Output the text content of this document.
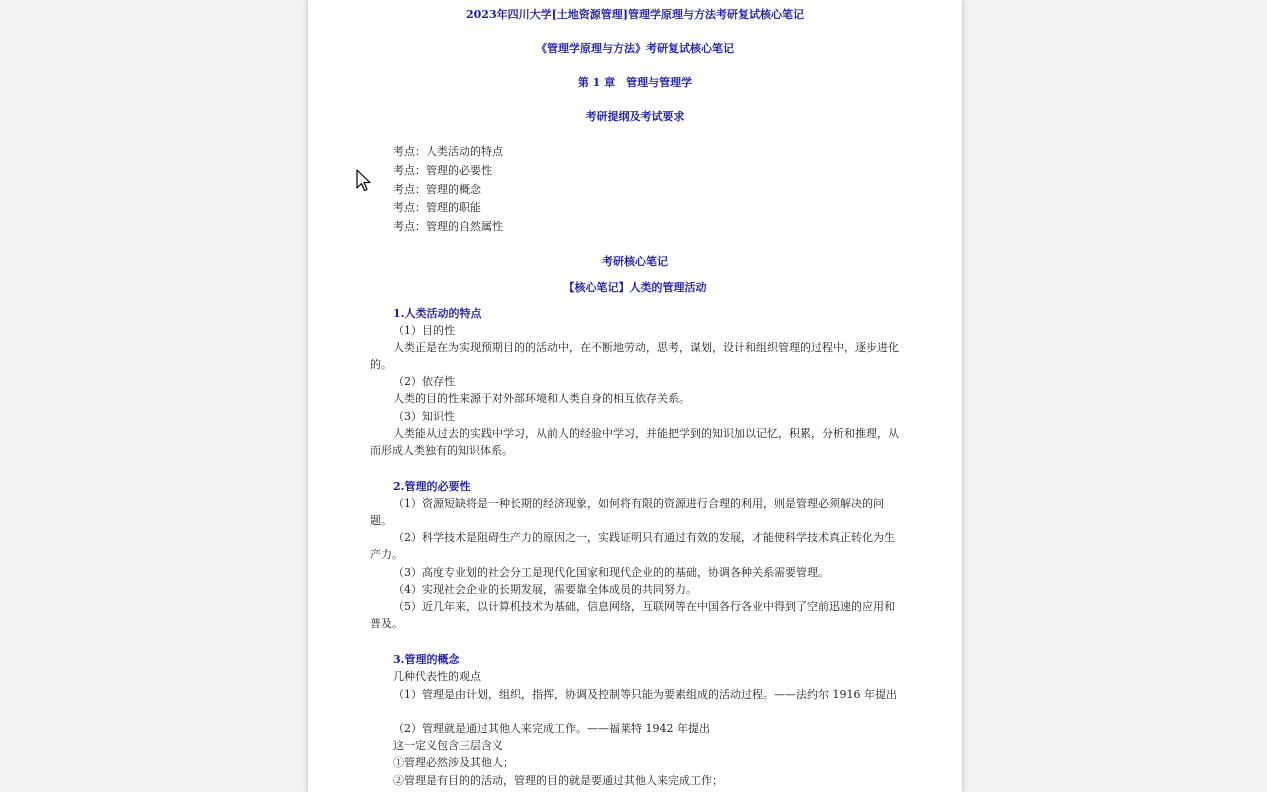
2023年四川大学[土地资源管理]管理学原理与方法考研复试核心笔记
《管理学原理与方法》考研复试核心笔记
第 1 章　管理与管理学
考研提纲及考试要求
考点：人类活动的特点
考点：管理的必要性
考点：管理的概念
考点：管理的职能
考点：管理的自然属性
考研核心笔记
【核心笔记】人类的管理活动
1.人类活动的特点
（1）目的性
人类正是在为实现预期目的的活动中，在不断地劳动，思考，谋划，设计和组织管理的过程中，逐步进化的。
（2）依存性
人类的目的性来源于对外部环境和人类自身的相互依存关系。
（3）知识性
人类能从过去的实践中学习，从前人的经验中学习，并能把学到的知识加以记忆，积累，分析和推理，从而形成人类独有的知识体系。
2.管理的必要性
（1）资源短缺将是一种长期的经济现象，如何将有限的资源进行合理的利用，则是管理必须解决的问题。
（2）科学技术是阻碍生产力的原因之一，实践证明只有通过有效的发展，才能使科学技术真正转化为生产力。
（3）高度专业划的社会分工是现代化国家和现代企业的的基础，协调各种关系需要管理。
（4）实现社会企业的长期发展，需要靠全体成员的共同努力。
（5）近几年来，以计算机技术为基础，信息网络，互联网等在中国各行各业中得到了空前迅速的应用和普及。
3.管理的概念
几种代表性的观点
（1）管理是由计划，组织，指挥，协调及控制等只能为要素组成的活动过程。——法约尔 1916 年提出
（2）管理就是通过其他人来完成工作。——福莱特 1942 年提出
这一定义包含三层含义
①管理必然涉及其他人；
②管理是有目的的活动，管理的目的就是要通过其他人来完成工作；
